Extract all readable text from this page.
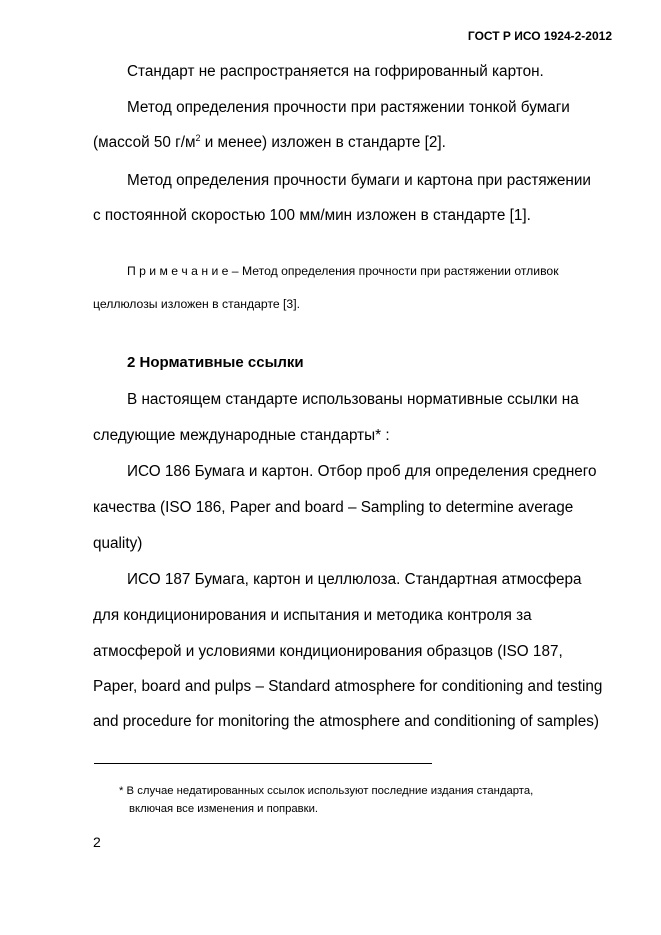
ГОСТ Р ИСО 1924-2-2012
Стандарт не распространяется на гофрированный картон.
Метод определения прочности при растяжении тонкой бумаги
(массой 50 $г/м^2$ и менее) изложен в стандарте [2].
Метод определения прочности бумаги и картона при растяжении
с постоянной скоростью 100 мм/мин изложен в стандарте [1].
П р и м е ч а н и е – Метод определения прочности при растяжении отливок
целлюлозы изложен в стандарте [3].
2 Нормативные ссылки
В настоящем стандарте использованы нормативные ссылки на
следующие международные стандарты* :
ИСО 186 Бумага и картон. Отбор проб для определения среднего
качества (ISO 186, Paper and board – Sampling to determine average
quality)
ИСО 187 Бумага, картон и целлюлоза. Стандартная атмосфера
для кондиционирования и испытания и методика контроля за
атмосферой и условиями кондиционирования образцов (ISO 187,
Paper, board and pulps – Standard atmosphere for conditioning and testing
and procedure for monitoring the atmosphere and conditioning of samples)
* В случае недатированных ссылок используют последние издания стандарта,
включая все изменения и поправки.
2
